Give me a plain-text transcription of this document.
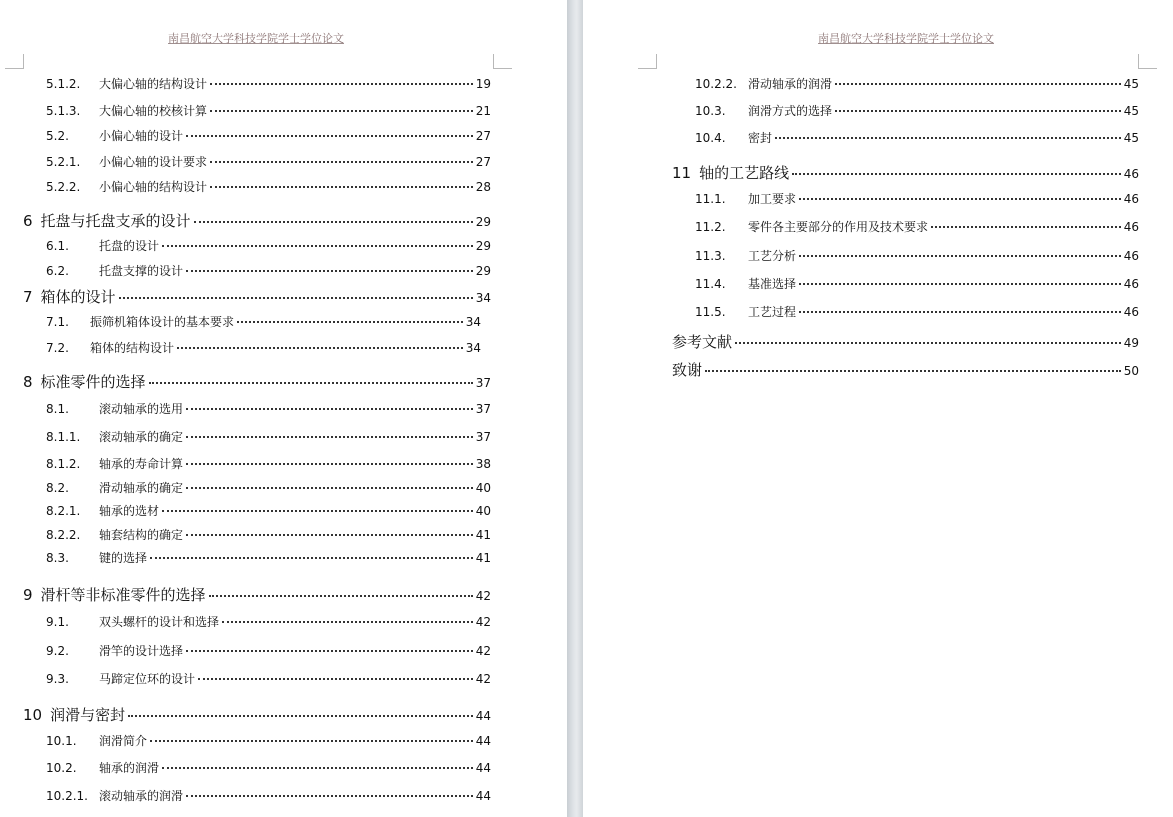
南昌航空大学科技学院学士学位论文
5.1.2.	大偏心轴的结构设计	19
5.1.3.	大偏心轴的校核计算	21
5.2.	小偏心轴的设计	27
5.2.1.	小偏心轴的设计要求	27
5.2.2.	小偏心轴的结构设计	28
6 托盘与托盘支承的设计	29
6.1.	托盘的设计	29
6.2.	托盘支撑的设计	29
7 箱体的设计	34
7.1.	振筛机箱体设计的基本要求	34
7.2.	箱体的结构设计	34
8 标准零件的选择	37
8.1.	滚动轴承的选用	37
8.1.1.	滚动轴承的确定	37
8.1.2.	轴承的寿命计算	38
8.2.	滑动轴承的确定	40
8.2.1.	轴承的选材	40
8.2.2.	轴套结构的确定	41
8.3.	键的选择	41
9 滑杆等非标准零件的选择	42
9.1.	双头螺杆的设计和选择	42
9.2.	滑竿的设计选择	42
9.3.	马蹄定位环的设计	42
10 润滑与密封	44
10.1.	润滑简介	44
10.2.	轴承的润滑	44
10.2.1. 滚动轴承的润滑	44
南昌航空大学科技学院学士学位论文
10.2.2. 滑动轴承的润滑	45
10.3.	润滑方式的选择	45
10.4.	密封	45
11 轴的工艺路线	46
11.1.	加工要求	46
11.2.	零件各主要部分的作用及技术要求	46
11.3.	工艺分析	46
11.4.	基准选择	46
11.5.	工艺过程	46
参考文献	49
致谢	50
